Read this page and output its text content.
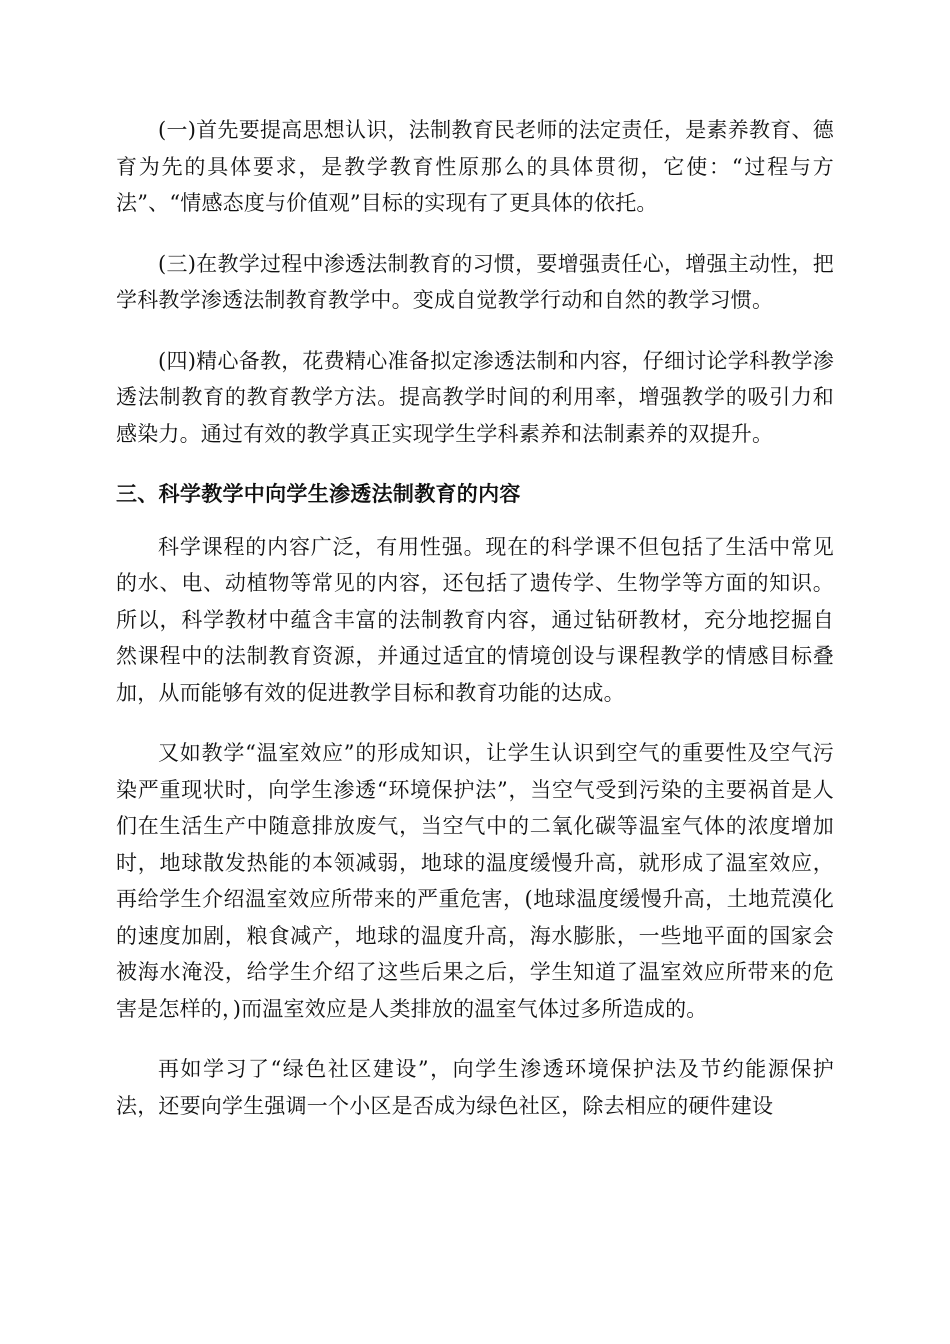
(一)首先要提高思想认识，法制教育民老师的法定责任，是素养教育、德育为先的具体要求，是教学教育性原那么的具体贯彻，它使：“过程与方法”、“情感态度与价值观”目标的实现有了更具体的依托。

(三)在教学过程中渗透法制教育的习惯，要增强责任心，增强主动性，把学科教学渗透法制教育教学中。变成自觉教学行动和自然的教学习惯。

(四)精心备教，花费精心准备拟定渗透法制和内容，仔细讨论学科教学渗透法制教育的教育教学方法。提高教学时间的利用率，增强教学的吸引力和感染力。通过有效的教学真正实现学生学科素养和法制素养的双提升。

三、科学教学中向学生渗透法制教育的内容

科学课程的内容广泛，有用性强。现在的科学课不但包括了生活中常见的水、电、动植物等常见的内容，还包括了遗传学、生物学等方面的知识。所以，科学教材中蕴含丰富的法制教育内容，通过钻研教材，充分地挖掘自然课程中的法制教育资源，并通过适宜的情境创设与课程教学的情感目标叠加，从而能够有效的促进教学目标和教育功能的达成。

又如教学“温室效应”的形成知识，让学生认识到空气的重要性及空气污染严重现状时，向学生渗透“环境保护法”，当空气受到污染的主要祸首是人们在生活生产中随意排放废气，当空气中的二氧化碳等温室气体的浓度增加时，地球散发热能的本领减弱，地球的温度缓慢升高，就形成了温室效应，再给学生介绍温室效应所带来的严重危害，(地球温度缓慢升高，土地荒漠化的速度加剧，粮食减产，地球的温度升高，海水膨胀，一些地平面的国家会被海水淹没，给学生介绍了这些后果之后，学生知道了温室效应所带来的危害是怎样的，)而温室效应是人类排放的温室气体过多所造成的。

再如学习了“绿色社区建设”，向学生渗透环境保护法及节约能源保护法，还要向学生强调一个小区是否成为绿色社区，除去相应的硬件建设
